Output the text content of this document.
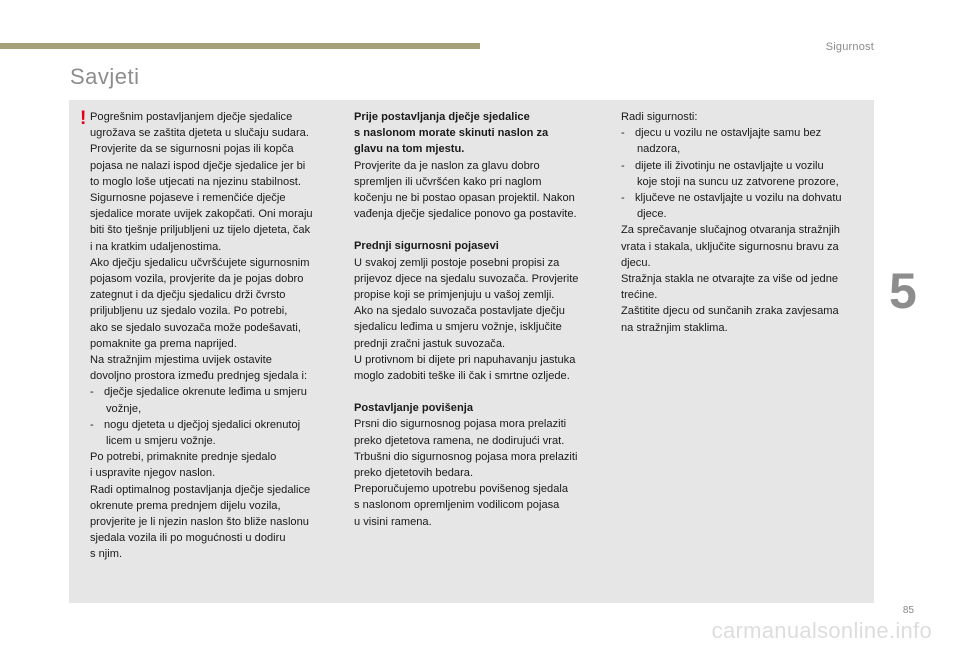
Sigurnost
Savjeti
! Pogrešnim postavljanjem dječje sjedalice
ugrožava se zaštita djeteta u slučaju sudara.
Provjerite da se sigurnosni pojas ili kopča
pojasa ne nalazi ispod dječje sjedalice jer bi
to moglo loše utjecati na njezinu stabilnost.
Sigurnosne pojaseve i remenčiće dječje
sjedalice morate uvijek zakopčati. Oni moraju
biti što tješnje priljubljeni uz tijelo djeteta, čak
i na kratkim udaljenostima.
Ako dječju sjedalicu učvršćujete sigurnosnim
pojasom vozila, provjerite da je pojas dobro
zategnut i da dječju sjedalicu drži čvrsto
priljubljenu uz sjedalo vozila. Po potrebi,
ako se sjedalo suvozača može podešavati,
pomaknite ga prema naprijed.
Na stražnjim mjestima uvijek ostavite
dovoljno prostora između prednjeg sjedala i:
- dječje sjedalice okrenute leđima u smjeru
vožnje,
- nogu djeteta u dječjoj sjedalici okrenutoj
licem u smjeru vožnje.
Po potrebi, primaknite prednje sjedalo
i uspravite njegov naslon.
Radi optimalnog postavljanja dječje sjedalice
okrenute prema prednjem dijelu vozila,
provjerite je li njezin naslon što bliže naslonu
sjedala vozila ili po mogućnosti u dodiru
s njim.
Prije postavljanja dječje sjedalice
s naslonom morate skinuti naslon za
glavu na tom mjestu.
Provjerite da je naslon za glavu dobro
spremljen ili učvršćen kako pri naglom
kočenju ne bi postao opasan projektil. Nakon
vađenja dječje sjedalice ponovo ga postavite.
Prednji sigurnosni pojasevi
U svakoj zemlji postoje posebni propisi za
prijevoz djece na sjedalu suvozača. Provjerite
propise koji se primjenjuju u vašoj zemlji.
Ako na sjedalo suvozača postavljate dječju
sjedalicu leđima u smjeru vožnje, isključite
prednji zračni jastuk suvozača.
U protivnom bi dijete pri napuhavanju jastuka
moglo zadobiti teške ili čak i smrtne ozljede.
Postavljanje povišenja
Prsni dio sigurnosnog pojasa mora prelaziti
preko djetetova ramena, ne dodirujući vrat.
Trbušni dio sigurnosnog pojasa mora prelaziti
preko djetetovih bedara.
Preporučujemo upotrebu povišenog sjedala
s naslonom opremljenim vodilicom pojasa
u visini ramena.
Radi sigurnosti:
- djecu u vozilu ne ostavljajte samu bez
nadzora,
- dijete ili životinju ne ostavljajte u vozilu
koje stoji na suncu uz zatvorene prozore,
- ključeve ne ostavljajte u vozilu na dohvatu
djece.
Za sprečavanje slučajnog otvaranja stražnjih
vrata i stakala, uključite sigurnosnu bravu za
djecu.
Stražnja stakla ne otvarajte za više od jedne
trećine.
Zaštitite djecu od sunčanih zraka zavjesama
na stražnjim staklima.
5
85
carmanualsonline.info
